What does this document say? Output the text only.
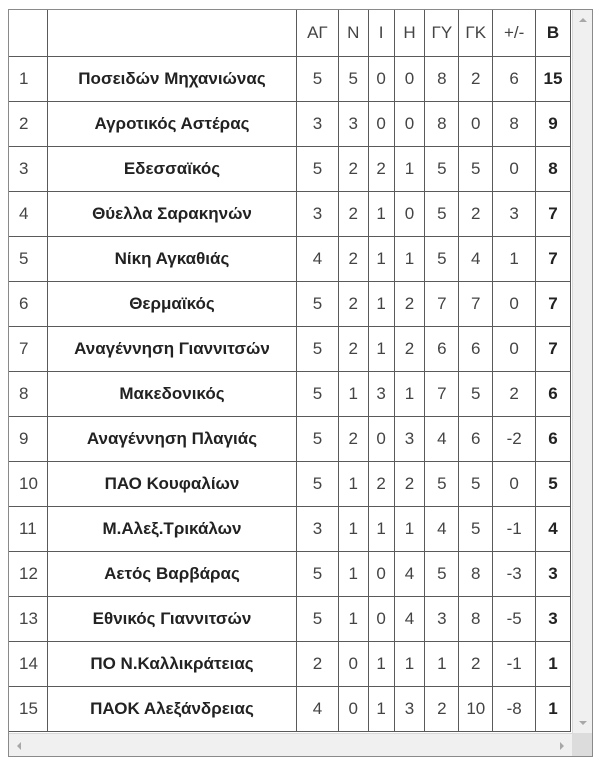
		ΑΓ	Ν	Ι	Η	ΓΥ	ΓΚ	+/-	Β
1	Ποσειδών Μηχανιώνας	5	5	0	0	8	2	6	15
2	Αγροτικός Αστέρας	3	3	0	0	8	0	8	9
3	Εδεσσαϊκός	5	2	2	1	5	5	0	8
4	Θύελλα Σαρακηνών	3	2	1	0	5	2	3	7
5	Νίκη Αγκαθιάς	4	2	1	1	5	4	1	7
6	Θερμαϊκός	5	2	1	2	7	7	0	7
7	Αναγέννηση Γιαννιτσών	5	2	1	2	6	6	0	7
8	Μακεδονικός	5	1	3	1	7	5	2	6
9	Αναγέννηση Πλαγιάς	5	2	0	3	4	6	-2	6
10	ΠΑΟ Κουφαλίων	5	1	2	2	5	5	0	5
11	Μ.Αλεξ.Τρικάλων	3	1	1	1	4	5	-1	4
12	Αετός Βαρβάρας	5	1	0	4	5	8	-3	3
13	Εθνικός Γιαννιτσών	5	1	0	4	3	8	-5	3
14	ΠΟ Ν.Καλλικράτειας	2	0	1	1	1	2	-1	1
15	ΠΑΟΚ Αλεξάνδρειας	4	0	1	3	2	10	-8	1
